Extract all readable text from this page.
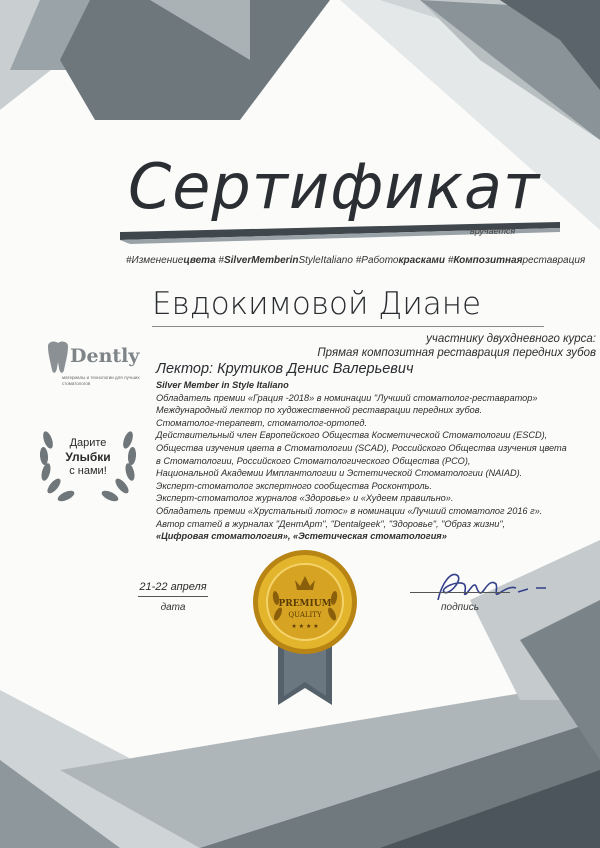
Сертификат
вручается
#Изменениецвета #SilverMemberinStyleItaliano #Работокрасками #Композитнаяреставрация
Евдокимовой Диане
участнику двухдневного курса:
Прямая композитная реставрация передних зубов
Лектор: Крутиков Денис Валерьевич
Silver Member in Style Italiano
Обладатель премии «Грация -2018» в номинации "Лучший стоматолог-реставратор»
Международный лектор по художественной реставрации передних зубов.
Стоматолог-терапевт, стоматолог-ортопед.
Действительный член Европейского Общества Косметической Стоматологии (ESCD),
Общества изучения цвета в Стоматологии (SCAD), Российского Общества изучения цвета
в Стоматологии, Российского Стоматологического Общества (РСО),
Национальной Академии Имплантологии и Эстетической Стоматологии (NAIAD).
Эксперт-стоматолог экспертного сообщества Росконтроль.
Эксперт-стоматолог журналов «Здоровье» и «Худеем правильно».
Обладатель премии «Хрустальный лотос» в номинации «Лучший стоматолог 2016 г».
Автор статей в журналах "ДентАрт", "Dentalgeek", "Здоровье", "Образ жизни",
«Цифровая стоматология», «Эстетическая стоматология»
Dently
материалы и технологии для лучших стоматологов
Дарите
Улыбки
с нами!
21-22 апреля
дата	подпись
PREMIUM
QUALITY
★ ★ ★ ★
